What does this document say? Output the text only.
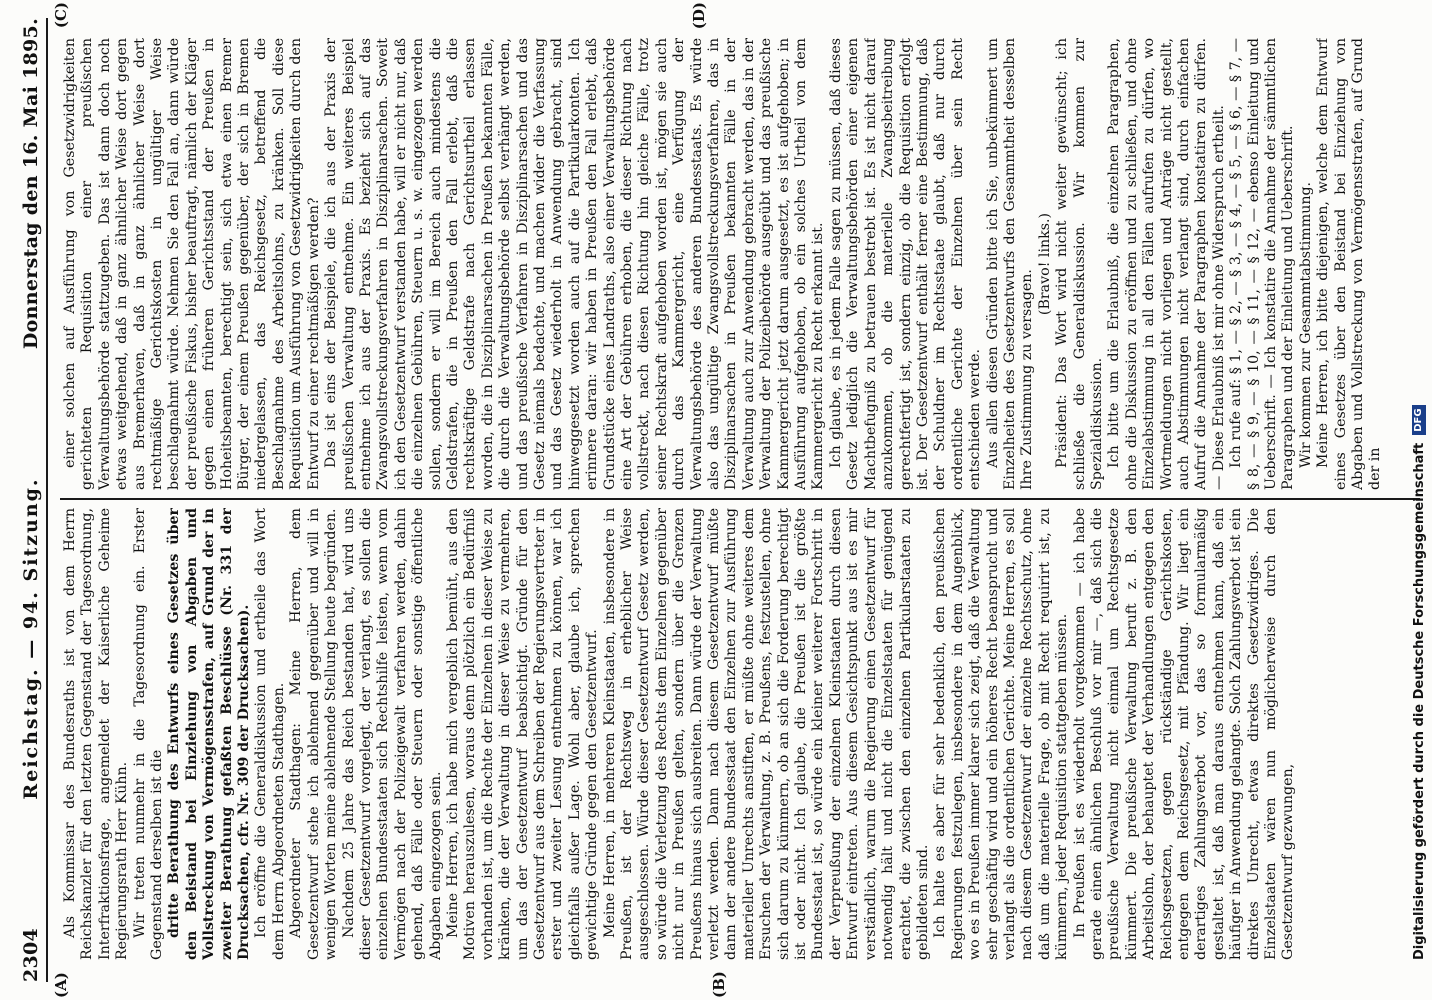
2304
Reichstag. — 94. Sitzung.
Donnerstag den 16. Mai 1895.
(A)	(B)
(C)	(D)

Als Kommissar des Bundesraths ist von dem Herrn Reichskanzler für den letzten Gegenstand der Tagesordnung, Interfraktionsfrage, angemeldet der Kaiserliche Geheime Regierungsrath Herr Kühn. Wir treten nunmehr in die Tagesordnung ein. Erster Gegenstand derselben ist die dritte Berathung des Entwurfs eines Gesetzes über den Beistand bei Einziehung von Abgaben und Vollstreckung von Vermögensstrafen, auf Grund der in zweiter Berathung gefaßten Beschlüsse (Nr. 331 der Drucksachen, cfr. Nr. 309 der Drucksachen). Ich eröffne die Generaldiskussion und ertheile das Wort dem Herrn Abgeordneten Stadthagen. Abgeordneter Stadthagen: Meine Herren, dem Gesetzentwurf stehe ich ablehnend gegenüber und will in wenigen Worten meine ablehnende Stellung heute begründen. Nachdem 25 Jahre das Reich bestanden hat, wird uns dieser Gesetzentwurf vorgelegt, der verlangt, es sollen die einzelnen Bundesstaaten sich Rechtshilfe leisten, wenn vom Vermögen nach der Polizeigewalt verfahren werden, dahin gehend, daß Fälle oder Steuern oder sonstige öffentliche Abgaben eingezogen sein. Meine Herren, ich habe mich vergeblich bemüht, aus den Motiven herauszulesen, woraus denn plötzlich ein Bedürfniß vorhanden ist, um die Rechte der Einzelnen in dieser Weise zu kränken, die der Verwaltung in dieser Weise zu vermehren, um das der Gesetzentwurf beabsichtigt. Gründe für den Gesetzentwurf aus dem Schreiben der Regierungsvertreter in erster und zweiter Lesung entnehmen zu können, war ich gleichfalls außer Lage. Wohl aber, glaube ich, sprechen gewichtige Gründe gegen den Gesetzentwurf. Meine Herren, in mehreren Kleinstaaten, insbesondere in Preußen, ist der Rechtsweg in erheblicher Weise ausgeschlossen. Würde dieser Gesetzentwurf Gesetz werden, so würde die Verletzung des Rechts dem Einzelnen gegenüber nicht nur in Preußen gelten, sondern über die Grenzen Preußens hinaus sich ausbreiten. Dann würde der Verwaltung verletzt werden. Dann nach diesem Gesetzentwurf müßte dann der andere Bundesstaat den Einzelnen zur Ausführung materieller Unrechts anstiften, er müßte ohne weiteres dem Ersuchen der Verwaltung, z. B. Preußens, festzustellen, ohne sich darum zu kümmern, ob an sich die Forderung berechtigt ist oder nicht. Ich glaube, die Preußen ist die größte Bundesstaat ist, so würde ein kleiner weiterer Fortschritt in der Verpreußung der einzelnen Kleinstaaten durch diesen Entwurf eintreten. Aus diesem Gesichtspunkt aus ist es mir verständlich, warum die Regierung einen Gesetzentwurf für notwendig hält und nicht die Einzelstaaten für genügend erachtet, die zwischen den einzelnen Partikularstaaten zu gebildeten sind. Ich halte es aber für sehr bedenklich, den preußischen Regierungen festzulegen, insbesondere in dem Augenblick, wo es in Preußen immer klarer sich zeigt, daß die Verwaltung sehr geschäftig wird und ein höheres Recht beansprucht und verlangt als die ordentlichen Gerichte. Meine Herren, es soll nach diesem Gesetzentwurf der einzelne Rechtsschutz, ohne daß um die materielle Frage, ob mit Recht requirirt ist, zu kümmern, jeder Requisition stattgeben müssen. In Preußen ist es wiederholt vorgekommen — ich habe gerade einen ähnlichen Beschluß vor mir —, daß sich die preußische Verwaltung nicht einmal um Rechtsgesetze kümmert. Die preußische Verwaltung beruft z. B. den Arbeitslohn, der behauptet der Verhandlungen entgegen den Reichsgesetzen, gegen rückständige Gerichtskosten, entgegen dem Reichsgesetz, mit Pfändung. Wir liegt ein derartiges Zahlungsverbot vor, das so formularmäßig gestaltet ist, daß man daraus entnehmen kann, daß ein häufiger in Anwendung gelangte. Solch Zahlungsverbot ist ein direktes Unrecht, etwas direktes Gesetzwidriges. Die Einzelstaaten wären nun möglicherweise durch den Gesetzentwurf gezwungen,

einer solchen auf Ausführung von Gesetzwidrigkeiten gerichteten Requisition einer preußischen Verwaltungsbehörde stattzugeben. Das ist dann doch noch etwas weitgehend, daß in ganz ähnlicher Weise dort gegen aus Bremerhaven, daß in ganz ähnlicher Weise dort rechtmäßige Gerichtskosten in ungültiger Weise beschlagnahmt würde. Nehmen Sie den Fall an, dann würde der preußische Fiskus, bisher beauftragt, nämlich der Kläger gegen einen früheren Gerichtsstand der Preußen in Hoheitsbeamten, berechtigt sein, sich etwa einen Bremer Bürger, der einem Preußen gegenüber, der sich in Bremen niedergelassen, das Reichsgesetz, betreffend die Beschlagnahme des Arbeitslohns, zu kränken. Soll diese Requisition um Ausführung von Gesetzwidrigkeiten durch den Entwurf zu einer rechtmäßigen werden? Das ist eins der Beispiele, die ich aus der Praxis der preußischen Verwaltung entnehme. Ein weiteres Beispiel entnehme ich aus der Praxis. Es bezieht sich auf das Zwangsvollstreckungsverfahren in Disziplinarsachen. Soweit ich den Gesetzentwurf verstanden habe, will er nicht nur, daß die einzelnen Gebühren, Steuern u. s. w. eingezogen werden sollen, sondern er will im Bereich auch mindestens die Geldstrafen, die in Preußen den Fall erlebt, daß die rechtskräftige Geldstrafe nach Gerichtsurtheil erlassen worden, die in Disziplinarsachen in Preußen bekannten Fälle, die durch die Verwaltungsbehörde selbst verhängt werden, und das preußische Verfahren in Disziplinarsachen und das Gesetz niemals bedachte, und machen wider die Verfassung und das Gesetz wiederholt in Anwendung gebracht, sind hinweggesetzt worden auch auf die Partikularkonten. Ich erinnere daran: wir haben in Preußen den Fall erlebt, daß Grundstücke eines Landraths, also einer Verwaltungsbehörde eine Art der Gebühren erhoben, die dieser Richtung nach vollstreckt, nach diesen Richtung hin gleiche Fälle, trotz seiner Rechtskraft aufgehoben worden ist, mögen sie auch durch das Kammergericht, eine Verfügung der Verwaltungsbehörde des anderen Bundesstaats. Es würde also das ungültige Zwangsvollstreckungsverfahren, das in Disziplinarsachen in Preußen bekannten Fälle in der Verwaltung auch zur Anwendung gebracht werden, das in der Verwaltung der Polizeibehörde ausgeübt und das preußische Kammergericht jetzt darum ausgesetzt, es ist aufgehoben; in Ausführung aufgehoben, ob ein solches Urtheil von dem Kammergericht zu Recht erkannt ist. Ich glaube, es in jedem Falle sagen zu müssen, daß dieses Gesetz lediglich die Verwaltungsbehörden einer eigenen Machtbefugniß zu betrauen bestrebt ist. Es ist nicht darauf anzukommen, ob die materielle Zwangsbeitreibung gerechtfertigt ist, sondern einzig, ob die Requisition erfolgt ist. Der Gesetzentwurf enthält ferner eine Bestimmung, daß der Schuldner im Rechtsstaate glaubt, daß nur durch ordentliche Gerichte der Einzelnen über sein Recht entschieden werde. Aus allen diesen Gründen bitte ich Sie, unbekümmert um Einzelheiten des Gesetzentwurfs den Gesammtheit desselben Ihre Zustimmung zu versagen.

(Bravo! links.) Präsident: Das Wort wird nicht weiter gewünscht; ich schließe die Generaldiskussion. Wir kommen zur Spezialdiskussion. Ich bitte um die Erlaubniß, die einzelnen Paragraphen, ohne die Diskussion zu eröffnen und zu schließen, und ohne Einzelabstimmung in all den Fällen aufrufen zu dürfen, wo Wortmeldungen nicht vorliegen und Anträge nicht gestellt, auch Abstimmungen nicht verlangt sind, durch einfachen Aufruf die Annahme der Paragraphen konstatiren zu dürfen. — Diese Erlaubniß ist mir ohne Widerspruch ertheilt. Ich rufe auf: § 1, — § 2, — § 3, — § 4, — § 5, — § 6, — § 7, — § 8, — § 9, — § 10, — § 11, — § 12, — ebenso Einleitung und Ueberschrift. — Ich konstatire die Annahme der sämmtlichen Paragraphen und der Einleitung und Ueberschrift. Wir kommen zur Gesammtabstimmung. Meine Herren, ich bitte diejenigen, welche dem Entwurf eines Gesetzes über den Beistand bei Einziehung von Abgaben und Vollstreckung von Vermögensstrafen, auf Grund der in Digitalisierung gefördert durch die Deutsche Forschungsgemeinschaft
DFG
